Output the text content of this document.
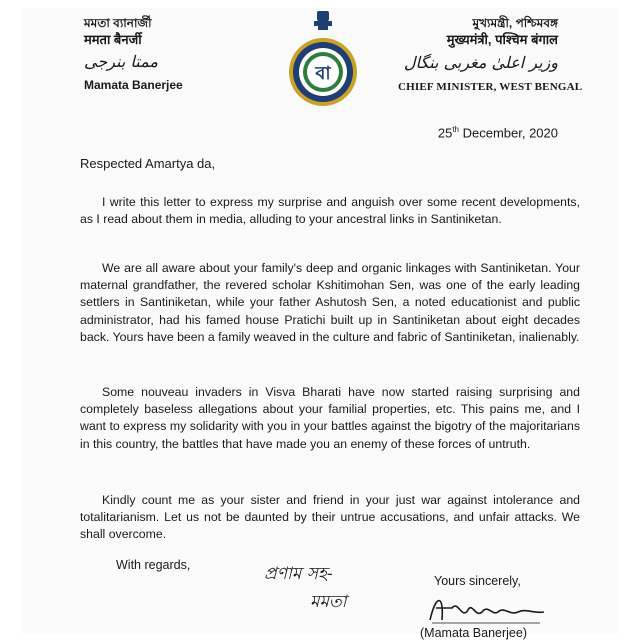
মমতা ব্যানার্জী
ममता बैनर्जी
ممتا بنرجی
Mamata Banerjee
বা
মুখ্যমন্ত্রী, পশ্চিমবঙ্গ
मुख्यमंत्री, पश्चिम बंगाल
وزیر اعلیٰ مغربی بنگال
CHIEF MINISTER, WEST BENGAL
25th December, 2020
Respected Amartya da,

I write this letter to express my surprise and anguish over some recent developments, as I read about them in media, alluding to your ancestral links in Santiniketan.

We are all aware about your family's deep and organic linkages with Santiniketan. Your maternal grandfather, the revered scholar Kshitimohan Sen, was one of the early leading settlers in Santiniketan, while your father Ashutosh Sen, a noted educationist and public administrator, had his famed house Pratichi built up in Santiniketan about eight decades back. Yours have been a family weaved in the culture and fabric of Santiniketan, inalienably.

Some nouveau invaders in Visva Bharati have now started raising surprising and completely baseless allegations about your familial properties, etc. This pains me, and I want to express my solidarity with you in your battles against the bigotry of the majoritarians in this country, the battles that have made you an enemy of these forces of untruth.

Kindly count me as your sister and friend in your just war against intolerance and totalitarianism. Let us not be daunted by their untrue accusations, and unfair attacks. We shall overcome.

With regards,	প্রণাম সহ-
মমতা
Yours sincerely,
(Mamata Banerjee)
